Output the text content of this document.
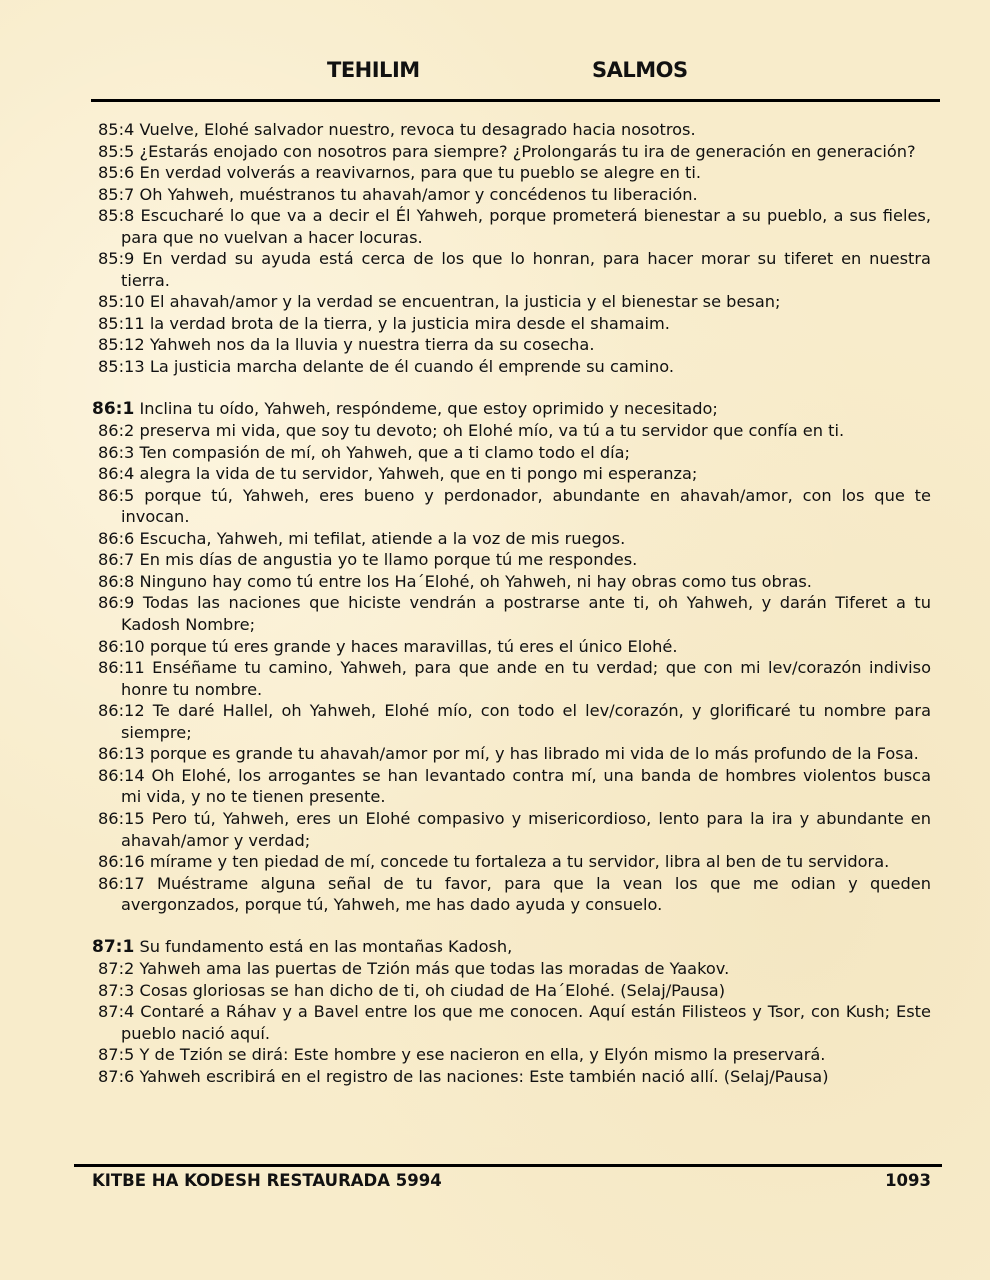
TEHILIM	SALMOS
85:4 Vuelve, Elohé salvador nuestro, revoca tu desagrado hacia nosotros.
85:5 ¿Estarás enojado con nosotros para siempre? ¿Prolongarás tu ira de generación en generación?
85:6 En verdad volverás a reavivarnos, para que tu pueblo se alegre en ti.
85:7 Oh Yahweh, muéstranos tu ahavah/amor y concédenos tu liberación.
85:8 Escucharé lo que va a decir el Él Yahweh, porque prometerá bienestar a su pueblo, a sus fieles, para que no vuelvan a hacer locuras.
85:9 En verdad su ayuda está cerca de los que lo honran, para hacer morar su tiferet en nuestra tierra.
85:10 El ahavah/amor y la verdad se encuentran, la justicia y el bienestar se besan;
85:11 la verdad brota de la tierra, y la justicia mira desde el shamaim.
85:12 Yahweh nos da la lluvia y nuestra tierra da su cosecha.
85:13 La justicia marcha delante de él cuando él emprende su camino.
86:1 Inclina tu oído, Yahweh, respóndeme, que estoy oprimido y necesitado;
86:2 preserva mi vida, que soy tu devoto; oh Elohé mío, va tú a tu servidor que confía en ti.
86:3 Ten compasión de mí, oh Yahweh, que a ti clamo todo el día;
86:4 alegra la vida de tu servidor, Yahweh, que en ti pongo mi esperanza;
86:5 porque tú, Yahweh, eres bueno y perdonador, abundante en ahavah/amor, con los que te invocan.
86:6 Escucha, Yahweh, mi tefilat, atiende a la voz de mis ruegos.
86:7 En mis días de angustia yo te llamo porque tú me respondes.
86:8 Ninguno hay como tú entre los Ha´Elohé, oh Yahweh, ni hay obras como tus obras.
86:9 Todas las naciones que hiciste vendrán a postrarse ante ti, oh Yahweh, y darán Tiferet a tu Kadosh Nombre;
86:10 porque tú eres grande y haces maravillas, tú eres el único Elohé.
86:11 Enséñame tu camino, Yahweh, para que ande en tu verdad; que con mi lev/corazón indiviso honre tu nombre.
86:12 Te daré Hallel, oh Yahweh, Elohé mío, con todo el lev/corazón, y glorificaré tu nombre para siempre;
86:13 porque es grande tu ahavah/amor por mí, y has librado mi vida de lo más profundo de la Fosa.
86:14 Oh Elohé, los arrogantes se han levantado contra mí, una banda de hombres violentos busca mi vida, y no te tienen presente.
86:15 Pero tú, Yahweh, eres un Elohé compasivo y misericordioso, lento para la ira y abundante en ahavah/amor y verdad;
86:16 mírame y ten piedad de mí, concede tu fortaleza a tu servidor, libra al ben de tu servidora.
86:17 Muéstrame alguna señal de tu favor, para que la vean los que me odian y queden avergonzados, porque tú, Yahweh, me has dado ayuda y consuelo.
87:1 Su fundamento está en las montañas Kadosh,
87:2 Yahweh ama las puertas de Tzión más que todas las moradas de Yaakov.
87:3 Cosas gloriosas se han dicho de ti, oh ciudad de Ha´Elohé. (Selaj/Pausa)
87:4 Contaré a Ráhav y a Bavel entre los que me conocen. Aquí están Filisteos y Tsor, con Kush; Este pueblo nació aquí.
87:5 Y de Tzión se dirá: Este hombre y ese nacieron en ella, y Elyón mismo la preservará.
87:6 Yahweh escribirá en el registro de las naciones: Este también nació allí. (Selaj/Pausa)
KITBE HA KODESH RESTAURADA 5994	1093
